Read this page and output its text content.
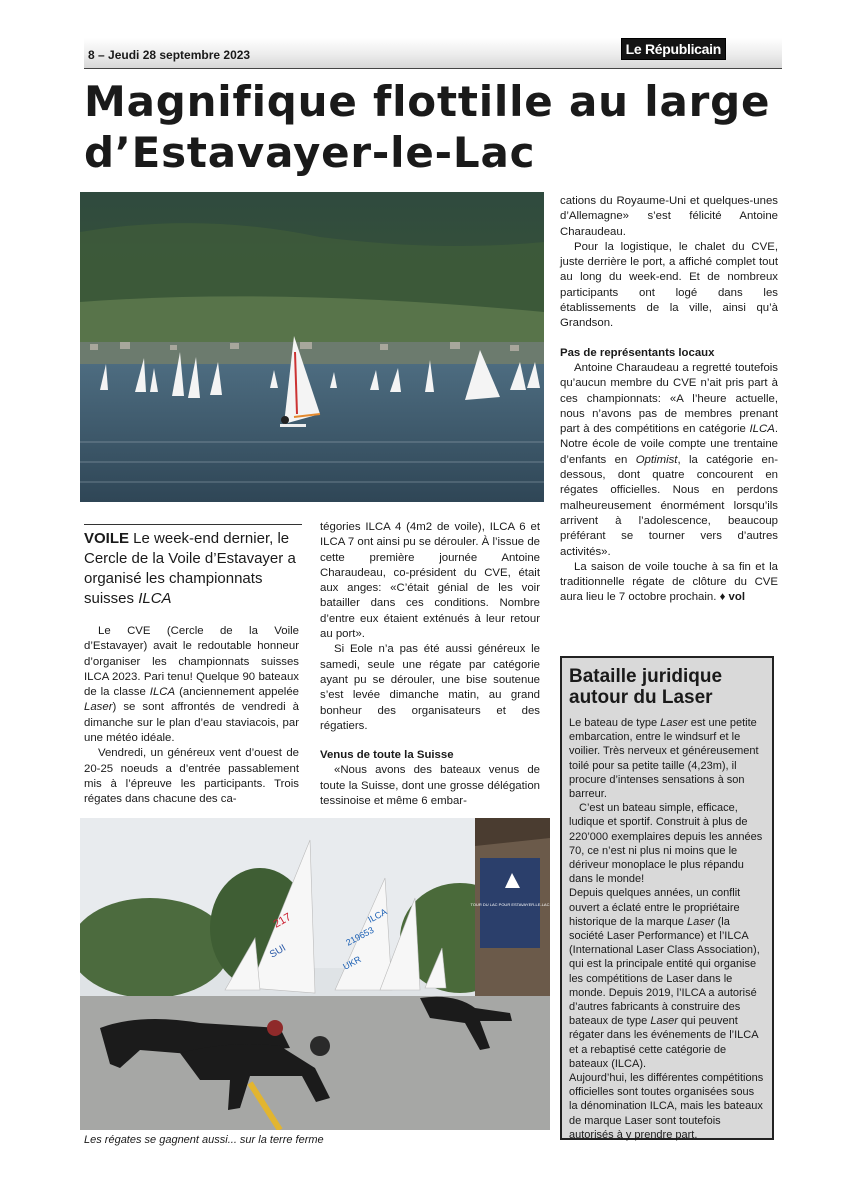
8 – Jeudi 28 septembre 2023	Le Républicain
Magnifique flottille au large
d’Estavayer-le-Lac
VOILE Le week-end dernier, le Cercle de la Voile d’Estavayer a organisé les championnats suisses ILCA

Le CVE (Cercle de la Voile d’Estavayer) avait le redoutable honneur d’organiser les championnats suisses ILCA 2023. Pari tenu! Quelque 90 bateaux de la classe ILCA (anciennement appelée Laser) se sont affrontés de vendredi à dimanche sur le plan d’eau staviacois, par une météo idéale.

Vendredi, un généreux vent d’ouest de 20-25 noeuds a d’entrée passablement mis à l’épreuve les participants. Trois régates dans chacune des ca-

tégories ILCA 4 (4m2 de voile), ILCA 6 et ILCA 7 ont ainsi pu se dérouler. À l’issue de cette première journée Antoine Charaudeau, co-président du CVE, était aux anges: «C’était génial de les voir batailler dans ces conditions. Nombre d’entre eux étaient exténués à leur retour au port».

Si Eole n’a pas été aussi généreux le samedi, seule une régate par catégorie ayant pu se dérouler, une bise soutenue s’est levée dimanche matin, au grand bonheur des organisateurs et des régatiers.

Venus de toute la Suisse

«Nous avons des bateaux venus de toute la Suisse, dont une grosse délégation tessinoise et même 6 embar-

cations du Royaume-Uni et quelques-unes d’Allemagne» s’est félicité Antoine Charaudeau.

Pour la logistique, le chalet du CVE, juste derrière le port, a affiché complet tout au long du week-end. Et de nombreux participants ont logé dans les établissements de la ville, ainsi qu’à Grandson.

Pas de représentants locaux

Antoine Charaudeau a regretté toutefois qu’aucun membre du CVE n’ait pris part à ces championnats: «A l’heure actuelle, nous n’avons pas de membres prenant part à des compétitions en catégorie ILCA. Notre école de voile compte une trentaine d’enfants en Optimist, la catégorie en-dessous, dont quatre concourent en régates officielles. Nous en perdons malheureusement énormément lorsqu’ils arrivent à l’adolescence, beaucoup préférant se tourner vers d’autres activités».

La saison de voile touche à sa fin et la traditionnelle régate de clôture du CVE aura lieu le 7 octobre prochain. ♦ vol

Bataille juridique autour du Laser

Le bateau de type Laser est une petite embarcation, entre le windsurf et le voilier. Très nerveux et généreusement toilé pour sa petite taille (4,23m), il procure d’intenses sensations à son barreur.

C’est un bateau simple, efficace, ludique et sportif. Construit à plus de 220’000 exemplaires depuis les années 70, ce n’est ni plus ni moins que le dériveur monoplace le plus répandu dans le monde!

Depuis quelques années, un conflit ouvert a éclaté entre le propriétaire historique de la marque Laser (la société Laser Performance) et l’ILCA (International Laser Class Association), qui est la principale entité qui organise les compétitions de Laser dans le monde. Depuis 2019, l’ILCA a autorisé d’autres fabricants à construire des bateaux de type Laser qui peuvent régater dans les événements de l’ILCA et a rebaptisé cette catégorie de bateaux (ILCA).

Aujourd’hui, les différentes compétitions officielles sont toutes organisées sous la dénomination ILCA, mais les bateaux de marque Laser sont toutefois autorisés à y prendre part.

TOUR DU LAC POUR ESTAVAYER-LE-LAC
217
SUI
219653
ILCA
UKR
Les régates se gagnent aussi... sur la terre ferme
